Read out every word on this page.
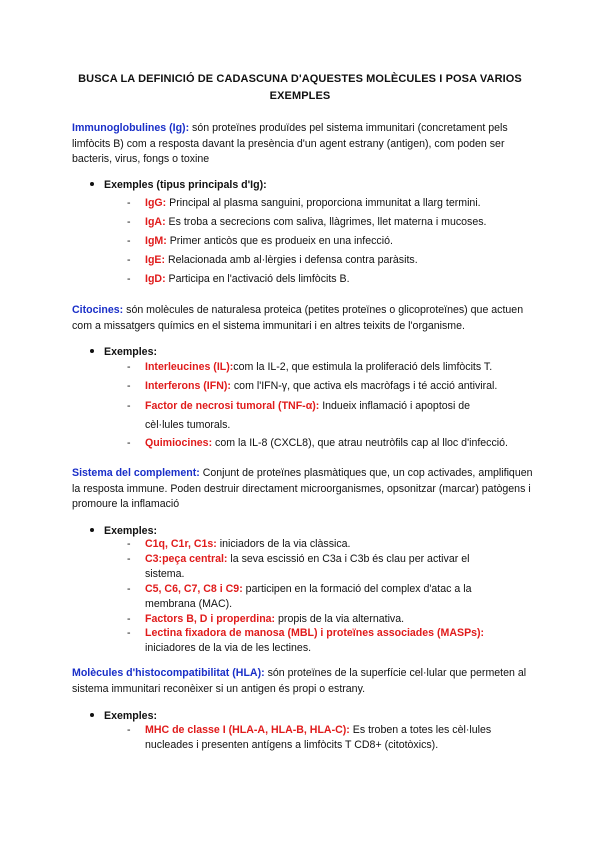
BUSCA LA DEFINICIÓ DE CADASCUNA D'AQUESTES MOLÈCULES I POSA VARIOS EXEMPLES
Immunoglobulines (Ig): són proteïnes produïdes pel sistema immunitari (concretament pels limfòcits B) com a resposta davant la presència d'un agent estrany (antigen), com poden ser bacteris, virus, fongs o toxine
Exemples (tipus principals d'Ig):
- IgG: Principal al plasma sanguini, proporciona immunitat a llarg termini.
- IgA: Es troba a secrecions com saliva, llàgrimes, llet materna i mucoses.
- IgM: Primer anticòs que es produeix en una infecció.
- IgE: Relacionada amb al·lèrgies i defensa contra paràsits.
- IgD: Participa en l'activació dels limfòcits B.
Citocines: són molècules de naturalesa proteica (petites proteïnes o glicoproteïnes) que actuen com a missatgers químics en el sistema immunitari i en altres teixits de l'organisme.
Exemples:
- Interleucines (IL):com la IL-2, que estimula la proliferació dels limfòcits T.
- Interferons (IFN): com l'IFN-γ, que activa els macròfags i té acció antiviral.
- Factor de necrosi tumoral (TNF-α): Indueix inflamació i apoptosi de cèl·lules tumorals.
- Quimiocines: com la IL-8 (CXCL8), que atrau neutròfils cap al lloc d'infecció.
Sistema del complement: Conjunt de proteïnes plasmàtiques que, un cop activades, amplifiquen la resposta immune. Poden destruir directament microorganismes, opsonitzar (marcar) patògens i promoure la inflamació
Exemples:
- C1q, C1r, C1s: iniciadors de la via clàssica.
- C3:peça central: la seva escissió en C3a i C3b és clau per activar el sistema.
- C5, C6, C7, C8 i C9: participen en la formació del complex d'atac a la membrana (MAC).
- Factors B, D i properdina: propis de la via alternativa.
- Lectina fixadora de manosa (MBL) i proteïnes associades (MASPs): iniciadores de la via de les lectines.
Molècules d'histocompatibilitat (HLA): són proteïnes de la superfície cel·lular que permeten al sistema immunitari reconèixer si un antigen és propi o estrany.
Exemples:
- MHC de classe I (HLA-A, HLA-B, HLA-C): Es troben a totes les cèl·lules nucleades i presenten antígens a limfòcits T CD8+ (citotòxics).
